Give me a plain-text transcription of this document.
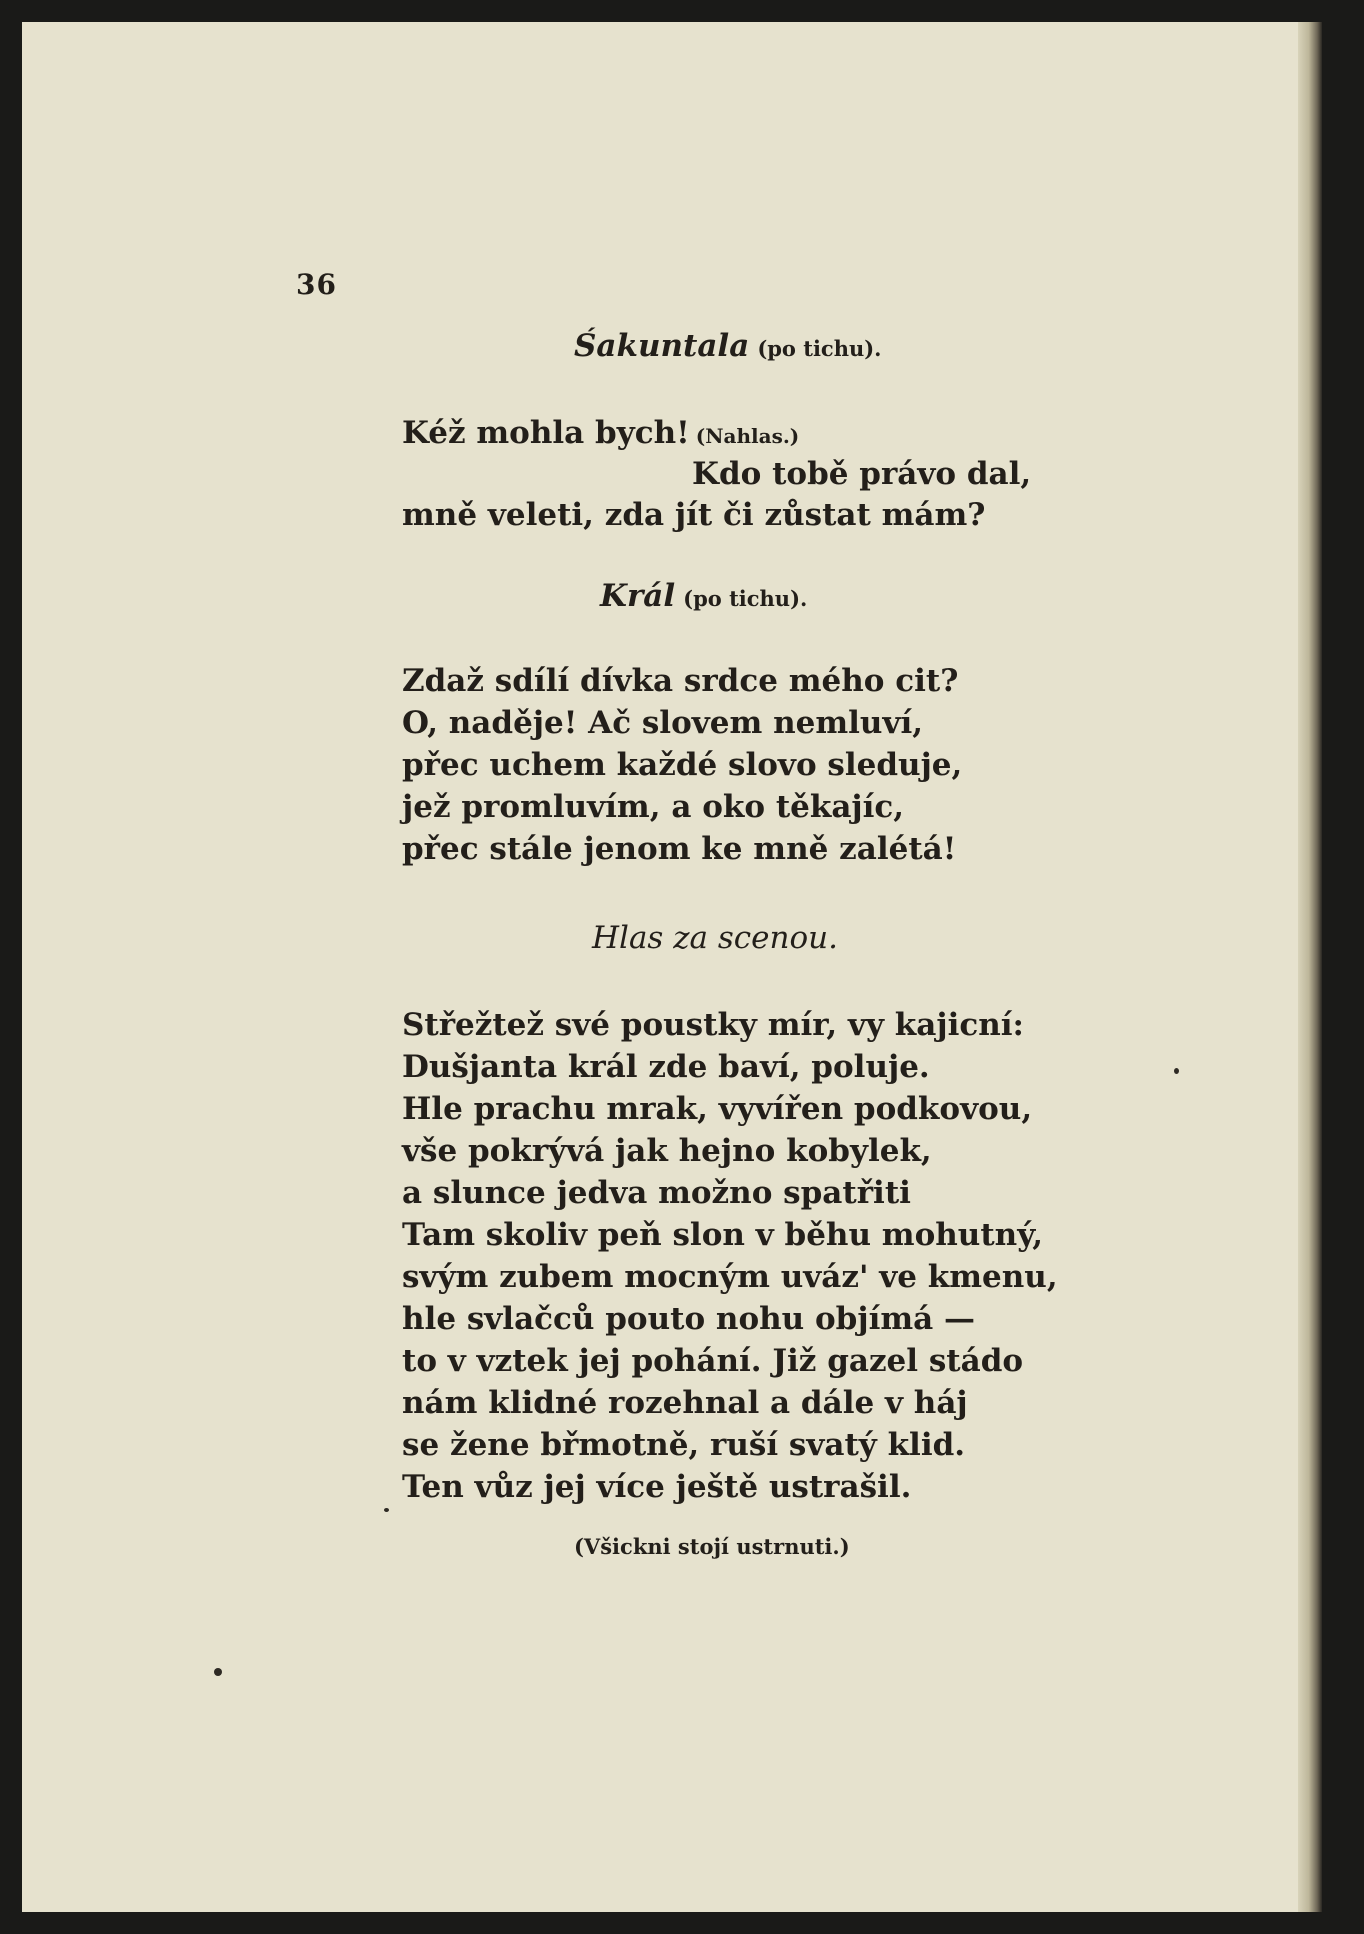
36
Śakuntala (po tichu).
Kéž mohla bych! (Nahlas.)
Kdo tobě právo dal,
mně veleti, zda jít či zůstat mám?
Král (po tichu).
Zdaž sdílí dívka srdce mého cit?
O, naděje! Ač slovem nemluví,
přec uchem každé slovo sleduje,
jež promluvím, a oko těkajíc,
přec stále jenom ke mně zalétá!
Hlas za scenou.
Střežtež své poustky mír, vy kajicní:
Dušjanta král zde baví, poluje.
Hle prachu mrak, vyvířen podkovou,
vše pokrývá jak hejno kobylek,
a slunce jedva možno spatřiti
Tam skoliv peň slon v běhu mohutný,
svým zubem mocným uváz' ve kmenu,
hle svlačců pouto nohu objímá —
to v vztek jej pohání. Již gazel stádo
nám klidné rozehnal a dále v háj
se žene břmotně, ruší svatý klid.
Ten vůz jej více ještě ustrašil.
(Všickni stojí ustrnuti.)
